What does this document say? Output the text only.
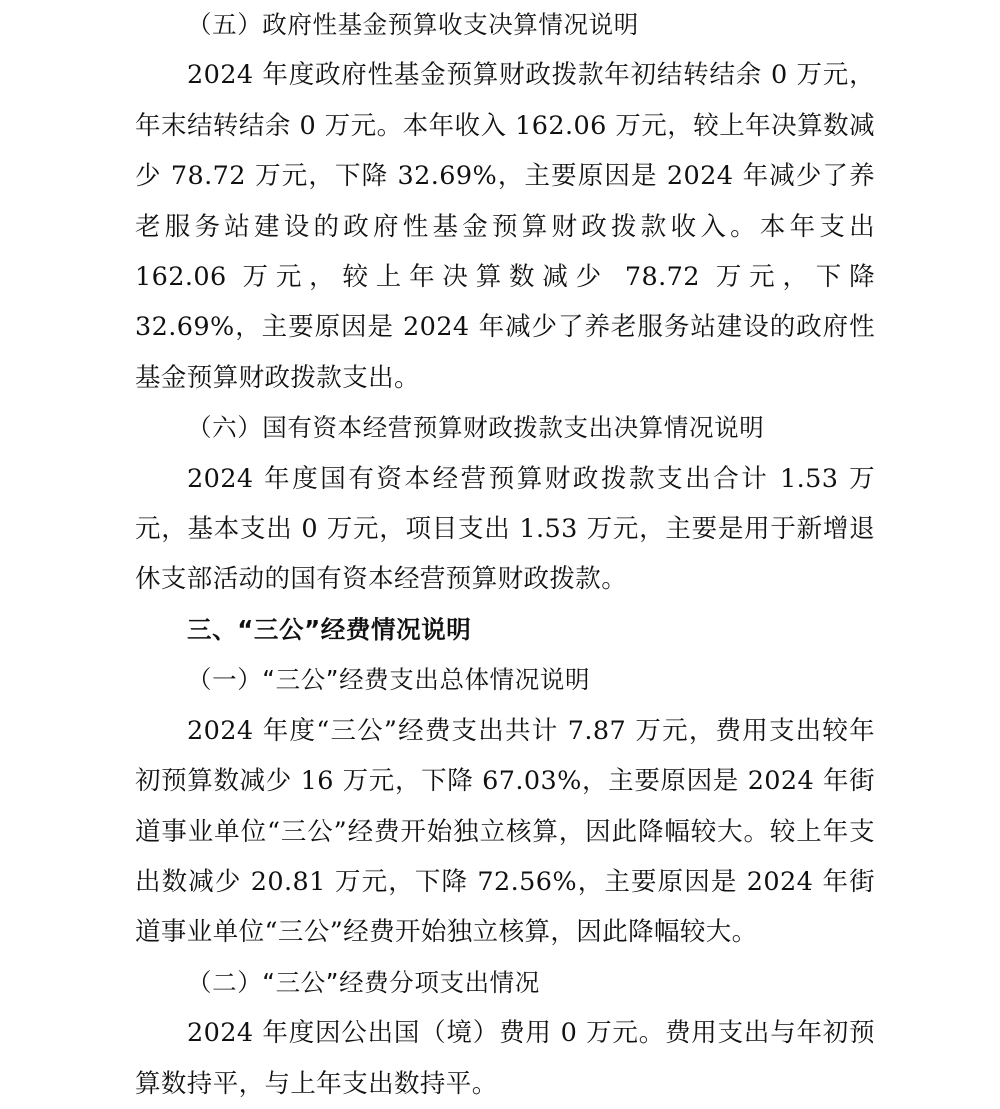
（五）政府性基金预算收支决算情况说明

2024 年度政府性基金预算财政拨款年初结转结余 0 万元，年末结转结余 0 万元。本年收入 162.06 万元，较上年决算数减少 78.72 万元，下降 32.69%，主要原因是 2024 年减少了养老服务站建设的政府性基金预算财政拨款收入。本年支出 162.06 万元，较上年决算数减少 78.72 万元，下降 32.69%，主要原因是 2024 年减少了养老服务站建设的政府性基金预算财政拨款支出。

（六）国有资本经营预算财政拨款支出决算情况说明

2024 年度国有资本经营预算财政拨款支出合计 1.53 万元，基本支出 0 万元，项目支出 1.53 万元，主要是用于新增退休支部活动的国有资本经营预算财政拨款。

三、“三公”经费情况说明

（一）“三公”经费支出总体情况说明

2024 年度“三公”经费支出共计 7.87 万元，费用支出较年初预算数减少 16 万元，下降 67.03%，主要原因是 2024 年街道事业单位“三公”经费开始独立核算，因此降幅较大。较上年支出数减少 20.81 万元，下降 72.56%，主要原因是 2024 年街道事业单位“三公”经费开始独立核算，因此降幅较大。

（二）“三公”经费分项支出情况

2024 年度因公出国（境）费用 0 万元。费用支出与年初预算数持平，与上年支出数持平。
